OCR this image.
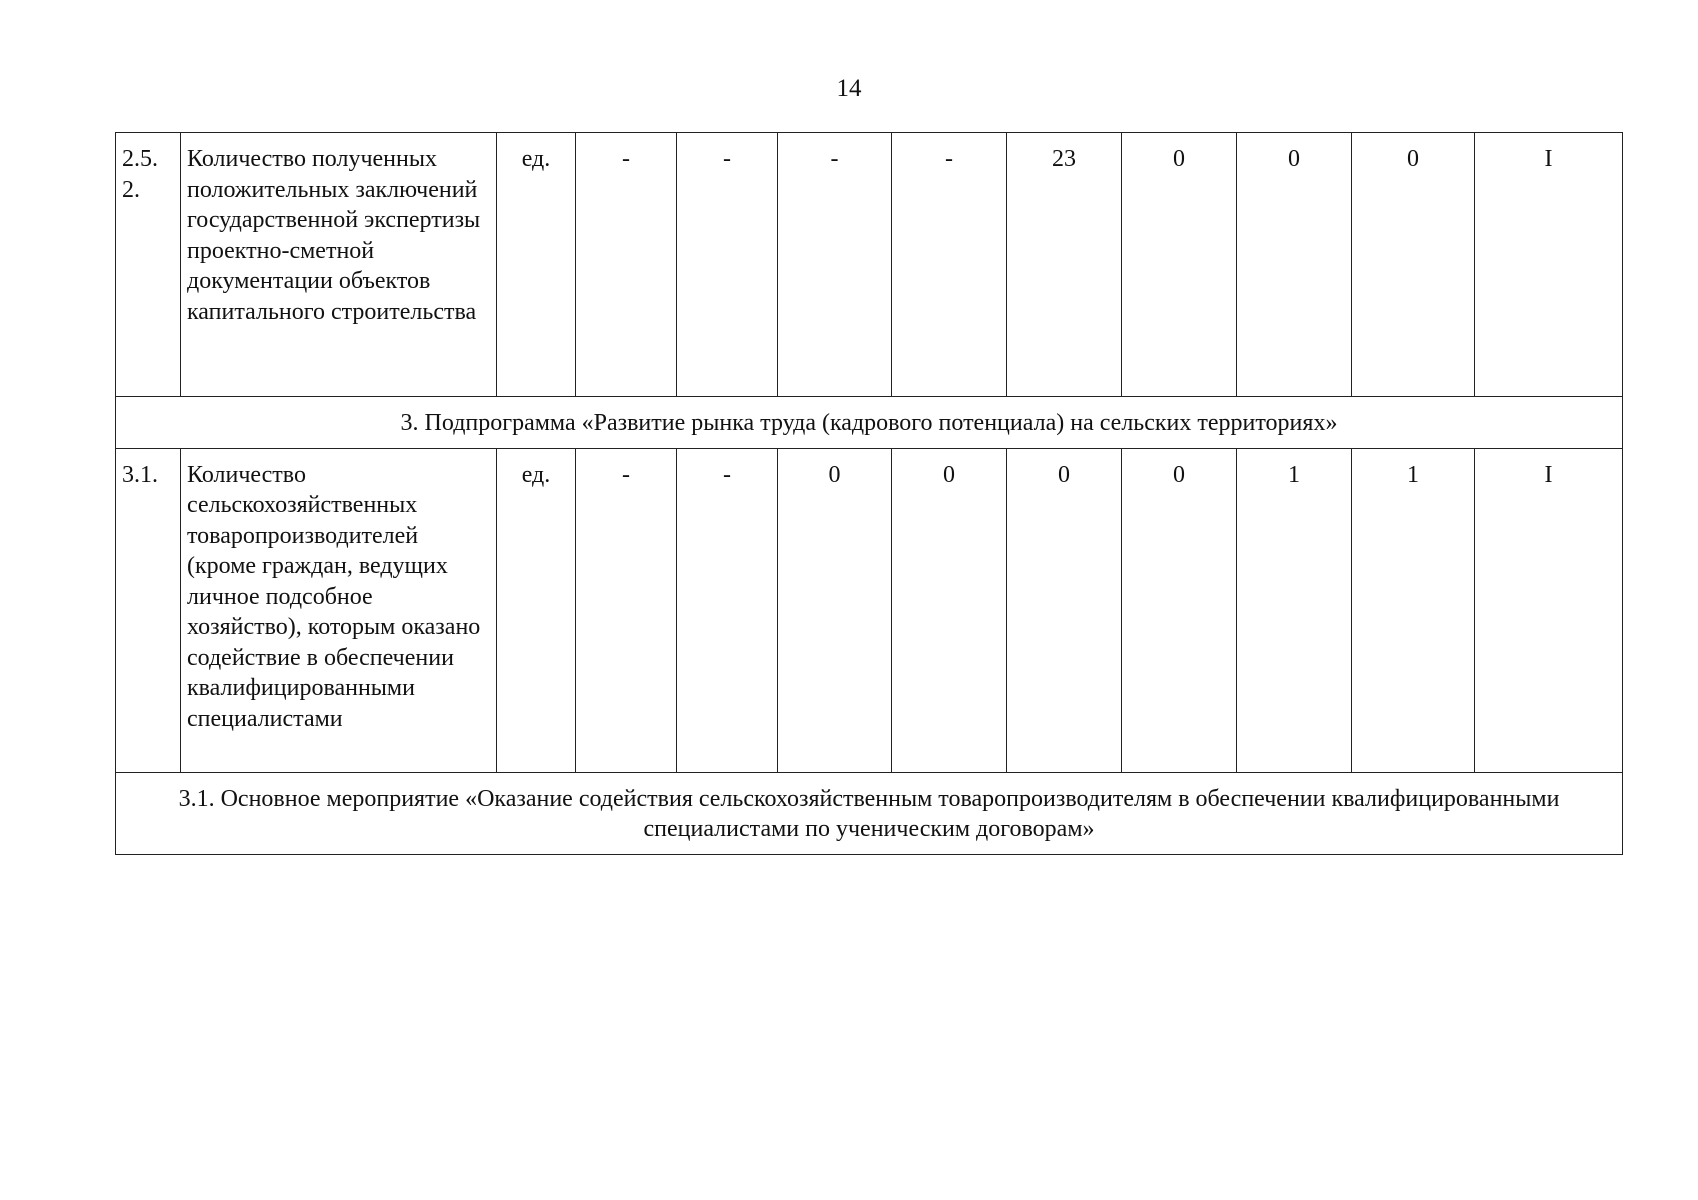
14
2.5.
2.	Количество полученных положительных заключений государственной экспертизы проектно-сметной документации объектов капитального строительства	ед.	-	-	-	-	23	0	0	0	I
3. Подпрограмма «Развитие рынка труда (кадрового потенциала) на сельских территориях»											
3.1.	Количество сельскохозяйственных товаропроизводителей (кроме граждан, ведущих личное подсобное хозяйство), которым оказано содействие в обеспечении квалифицированными специалистами	ед.	-	-	0	0	0	0	1	1	I
3.1. Основное мероприятие «Оказание содействия сельскохозяйственным товаропроизводителям в обеспечении квалифицированными специалистами по ученическим договорам»											
